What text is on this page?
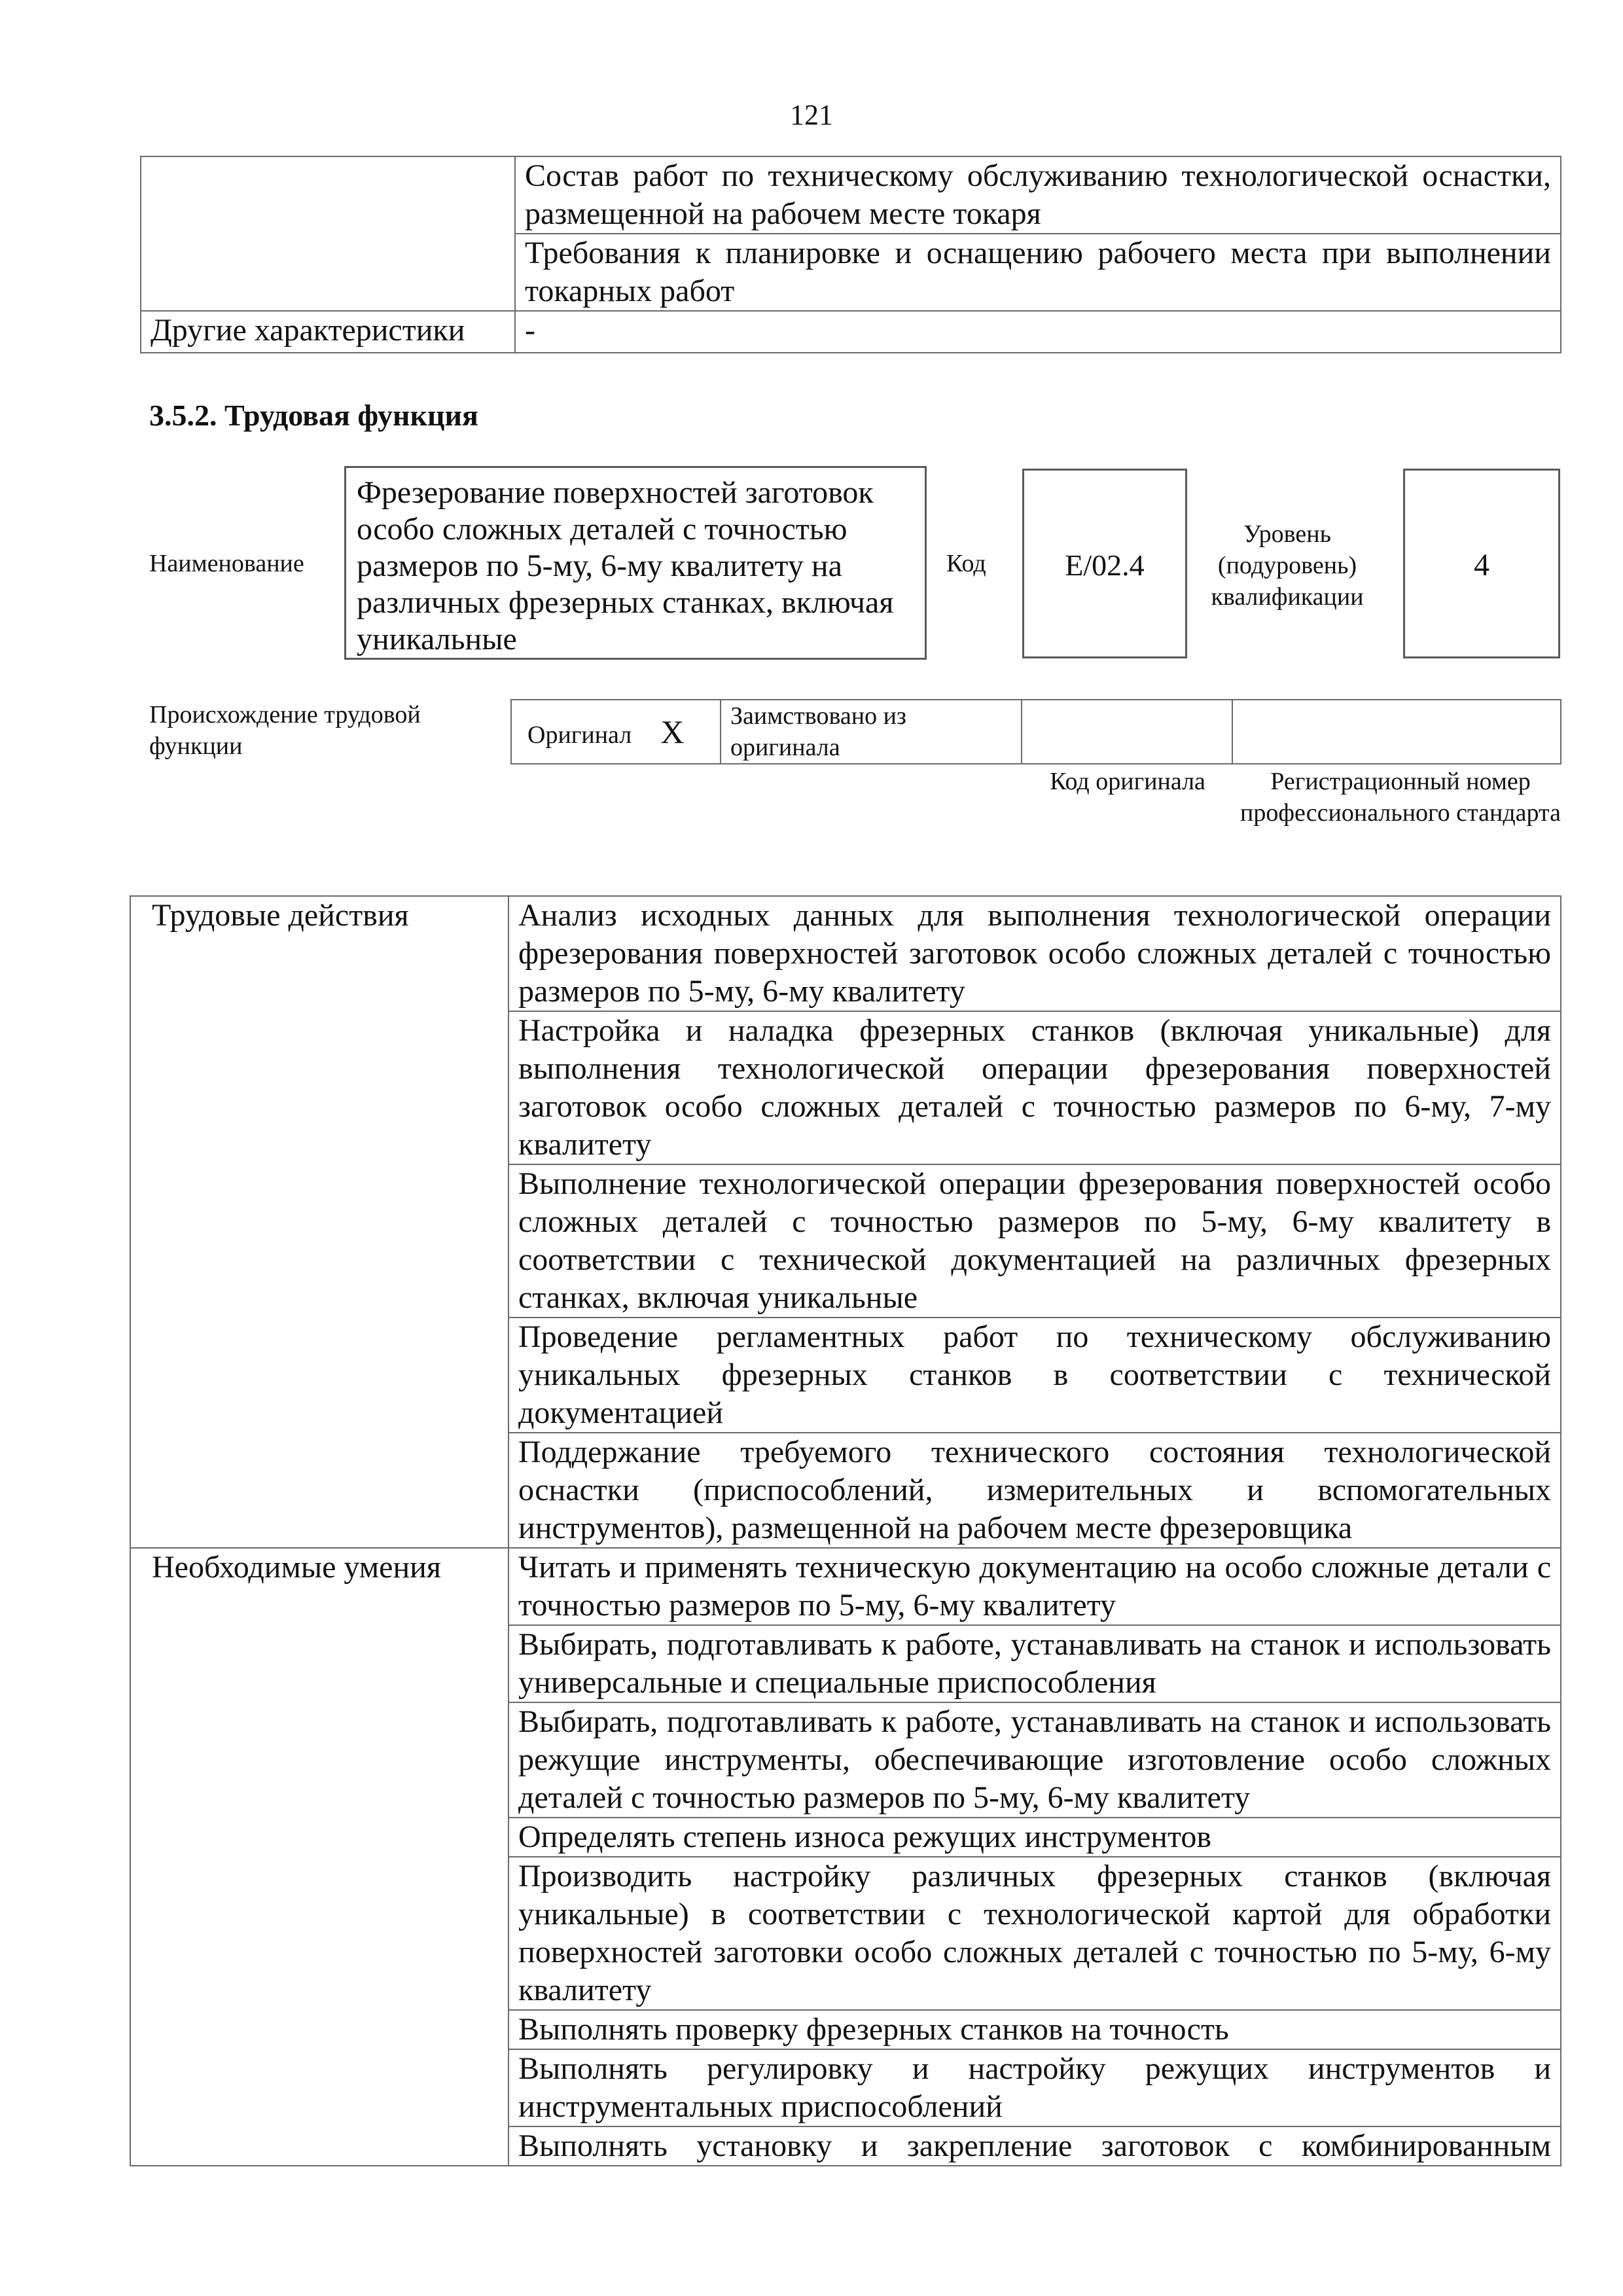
121
	Состав работ по техническому обслуживанию технологической оснастки, размещенной на рабочем месте токаря
	Требования к планировке и оснащению рабочего места при выполнении токарных работ
Другие характеристики	-
3.5.2. Трудовая функция
Наименование
Фрезерование поверхностей заготовок особо сложных деталей с точностью размеров по 5-му, 6-му квалитету на различных фрезерных станках, включая уникальные
Код	E/02.4
Уровень (подуровень) квалификации
4
Происхождение трудовой функции	Оригинал X	Заимствовано из оригинала		
Код оригинала	Регистрационный номер профессионального стандарта
Трудовые действия	Анализ исходных данных для выполнения технологической операции фрезерования поверхностей заготовок особо сложных деталей с точностью размеров по 5-му, 6-му квалитету
	Настройка и наладка фрезерных станков (включая уникальные) для выполнения технологической операции фрезерования поверхностей заготовок особо сложных деталей с точностью размеров по 6-му, 7-му квалитету
	Выполнение технологической операции фрезерования поверхностей особо сложных деталей с точностью размеров по 5-му, 6-му квалитету в соответствии с технической документацией на различных фрезерных станках, включая уникальные
	Проведение регламентных работ по техническому обслуживанию уникальных фрезерных станков в соответствии с технической документацией
	Поддержание требуемого технического состояния технологической оснастки (приспособлений, измерительных и вспомогательных инструментов), размещенной на рабочем месте фрезеровщика
Необходимые умения	Читать и применять техническую документацию на особо сложные детали с точностью размеров по 5-му, 6-му квалитету
	Выбирать, подготавливать к работе, устанавливать на станок и использовать универсальные и специальные приспособления
	Выбирать, подготавливать к работе, устанавливать на станок и использовать режущие инструменты, обеспечивающие изготовление особо сложных деталей с точностью размеров по 5-му, 6-му квалитету
	Определять степень износа режущих инструментов
	Производить настройку различных фрезерных станков (включая уникальные) в соответствии с технологической картой для обработки поверхностей заготовки особо сложных деталей с точностью по 5-му, 6-му квалитету
	Выполнять проверку фрезерных станков на точность
	Выполнять регулировку и настройку режущих инструментов и инструментальных приспособлений
	Выполнять установку и закрепление заготовок с комбинированным
